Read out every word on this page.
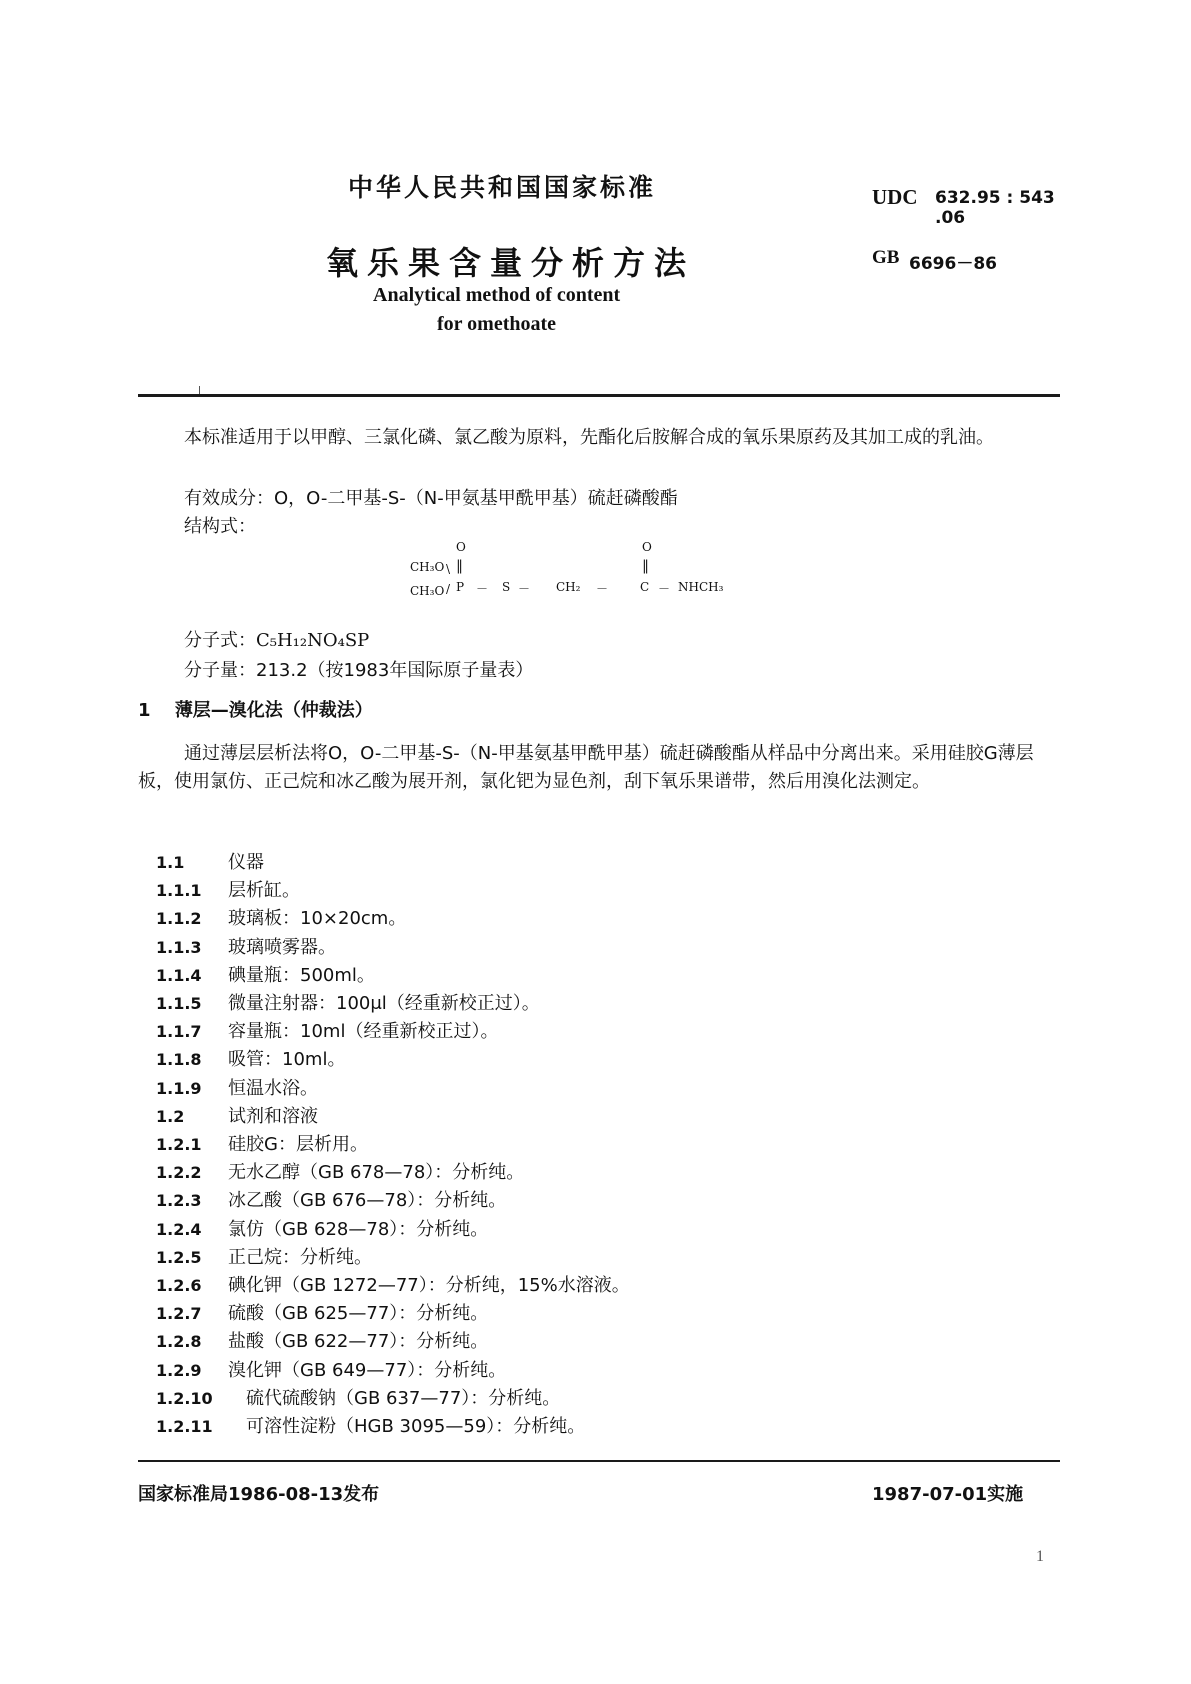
中华人民共和国国家标准
氧乐果含量分析方法
Analytical method of content
for omethoate
UDC 632.95 : 543
.06
GB 6696－86
本标准适用于以甲醇、三氯化磷、氯乙酸为原料，先酯化后胺解合成的氧乐果原药及其加工成的乳油。
有效成分：O，O-二甲基-S-（N-甲氨基甲酰甲基）硫赶磷酸酯
结构式：
O	O
‖	‖
CH₃O \
CH₃O / P － S － CH₂ －	C － NHCH₃
分子式：C₅H₁₂NO₄SP
分子量：213.2（按1983年国际原子量表）
1 薄层—溴化法（仲裁法）
通过薄层层析法将O，O-二甲基-S-（N-甲基氨基甲酰甲基）硫赶磷酸酯从样品中分离出来。采用硅胶G薄层板，使用氯仿、正己烷和冰乙酸为展开剂，氯化钯为显色剂，刮下氧乐果谱带，然后用溴化法测定。
1.1 仪器
1.1.1 层析缸。
1.1.2 玻璃板：10×20cm。
1.1.3 玻璃喷雾器。
1.1.4 碘量瓶：500ml。
1.1.5 微量注射器：100μl（经重新校正过）。
1.1.7 容量瓶：10ml（经重新校正过）。
1.1.8 吸管：10ml。
1.1.9 恒温水浴。
1.2 试剂和溶液
1.2.1 硅胶G：层析用。
1.2.2 无水乙醇（GB 678—78）：分析纯。
1.2.3 冰乙酸（GB 676—78）：分析纯。
1.2.4 氯仿（GB 628—78）：分析纯。
1.2.5 正己烷：分析纯。
1.2.6 碘化钾（GB 1272—77）：分析纯，15%水溶液。
1.2.7 硫酸（GB 625—77）：分析纯。
1.2.8 盐酸（GB 622—77）：分析纯。
1.2.9 溴化钾（GB 649—77）：分析纯。
1.2.10 硫代硫酸钠（GB 637—77）：分析纯。
1.2.11 可溶性淀粉（HGB 3095—59）：分析纯。
国家标准局1986-08-13发布	1987-07-01实施
1
